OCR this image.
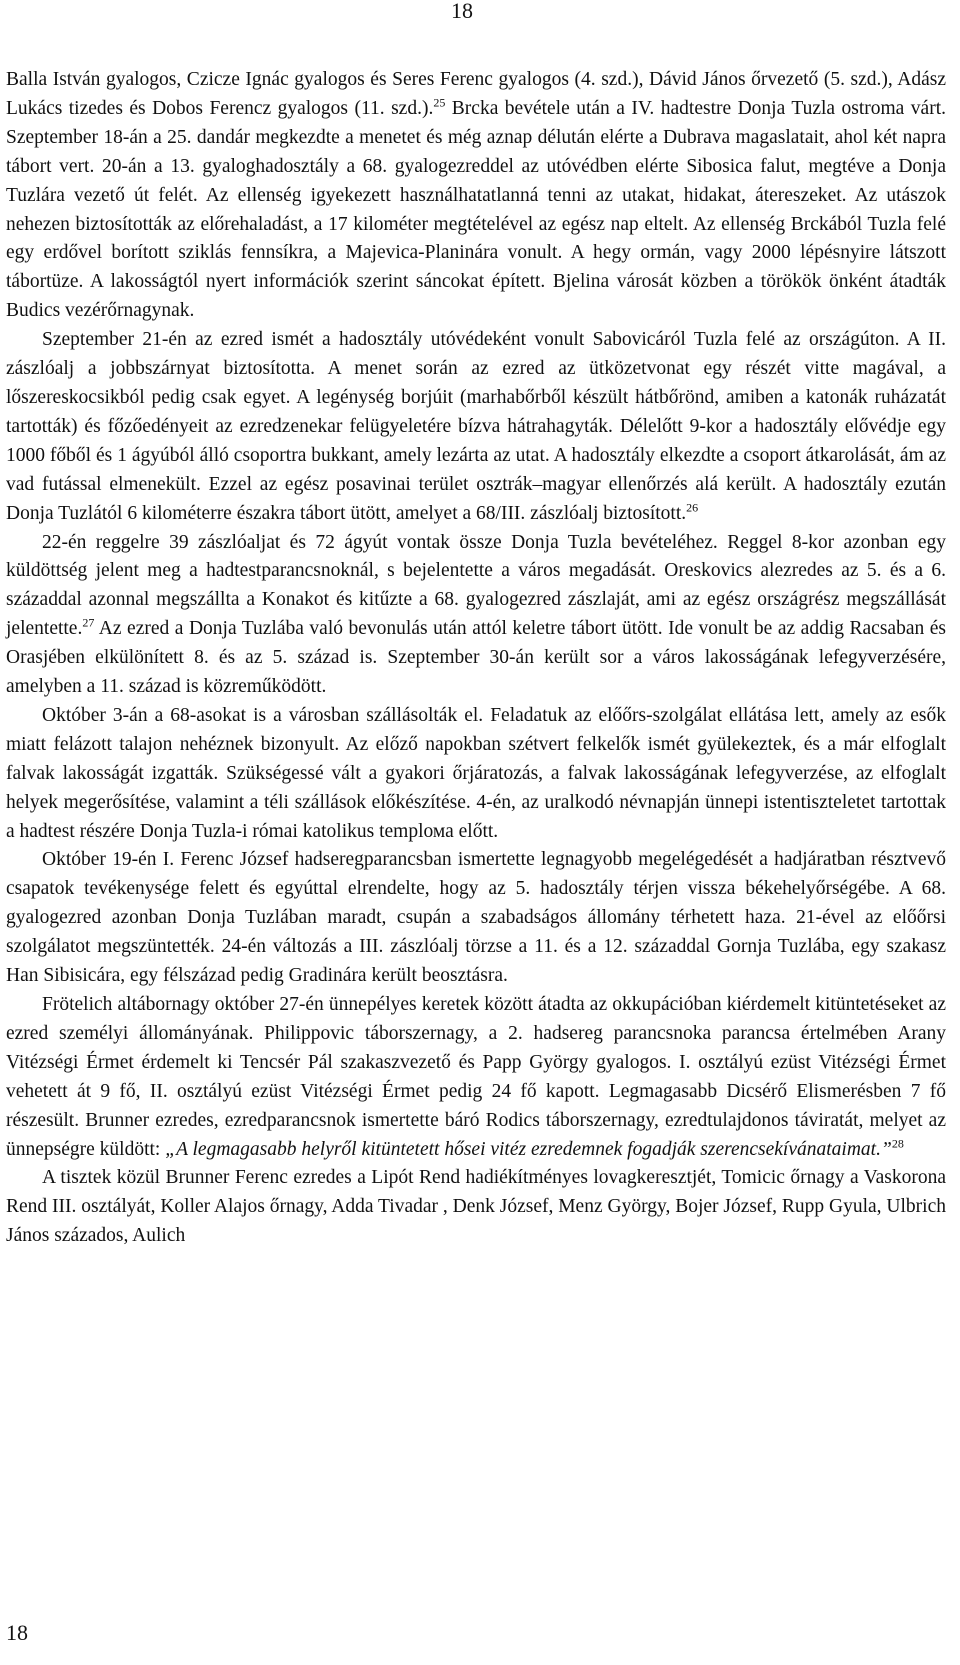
18

Balla István gyalogos, Czicze Ignác gyalogos és Seres Ferenc gyalogos (4. szd.), Dávid János őrvezető (5. szd.), Adász Lukács tizedes és Dobos Ferencz gyalogos (11. szd.).$^{25}$ Brcka bevétele után a IV. hadtestre Donja Tuzla ostroma várt. Szeptember 18-án a 25. dandár megkezdte a menetet és még aznap délután elérte a Dubrava magaslatait, ahol két napra tábort vert. 20-án a 13. gyaloghadosztály a 68. gyalogezreddel az utóvédben elérte Sibosica falut, megtéve a Donja Tuzlára vezető út felét. Az ellenség igyekezett használhatatlanná tenni az utakat, hidakat, átereszeket. Az utászok nehezen biztosították az előrehaladást, a 17 kilométer megtételével az egész nap eltelt. Az ellenség Brckából Tuzla felé egy erdővel borított sziklás fennsíkra, a Majevica-Planinára vonult. A hegy ormán, vagy 2000 lépésnyire látszott tábortüze. A lakosságtól nyert információk szerint sáncokat épített. Bjelina városát közben a törökök önként átadták Budics vezérőrnagynak.

Szeptember 21-én az ezred ismét a hadosztály utóvédeként vonult Sabovicáról Tuzla felé az országúton. A II. zászlóalj a jobbszárnyat biztosította. A menet során az ezred az ütközetvonat egy részét vitte magával, a lőszereskocsikból pedig csak egyet. A legénység borjúit (marhabőrből készült hátbőrönd, amiben a katonák ruházatát tartották) és főzőedényeit az ezredzenekar felügyeletére bízva hátrahagyták. Délelőtt 9-kor a hadosztály elővédje egy 1000 főből és 1 ágyúból álló csoportra bukkant, amely lezárta az utat. A hadosztály elkezdte a csoport átkarolását, ám az vad futással elmenekült. Ezzel az egész posavinai terület osztrák–magyar ellenőrzés alá került. A hadosztály ezután Donja Tuzlától 6 kilométerre északra tábort ütött, amelyet a 68/III. zászlóalj biztosított.$^{26}$

22-én reggelre 39 zászlóaljat és 72 ágyút vontak össze Donja Tuzla bevételéhez. Reggel 8-kor azonban egy küldöttség jelent meg a hadtestparancsnoknál, s bejelentette a város megadását. Oreskovics alezredes az 5. és a 6. századdal azonnal megszállta a Konakot és kitűzte a 68. gyalogezred zászlaját, ami az egész országrész megszállását jelentette.$^{27}$ Az ezred a Donja Tuzlába való bevonulás után attól keletre tábort ütött. Ide vonult be az addig Racsaban és Orasjében elkülönített 8. és az 5. század is. Szeptember 30-án került sor a város lakosságának lefegyverzésére, amelyben a 11. század is közreműködött.

Október 3-án a 68-asokat is a városban szállásolták el. Feladatuk az előőrs-szolgálat ellátása lett, amely az esők miatt felázott talajon nehéznek bizonyult. Az előző napokban szétvert felkelők ismét gyülekeztek, és a már elfoglalt falvak lakosságát izgatták. Szükségessé vált a gyakori őrjáratozás, a falvak lakosságának lefegyverzése, az elfoglalt helyek megerősítése, valamint a téli szállások előkészítése. 4-én, az uralkodó névnapján ünnepi istentiszteletet tartottak a hadtest részére Donja Tuzla-i római katolikus templома előtt.

Október 19-én I. Ferenc József hadseregparancsban ismertette legnagyobb megelégedését a hadjáratban résztvevő csapatok tevékenysége felett és egyúttal elrendelte, hogy az 5. hadosztály térjen vissza békehelyőrségébe. A 68. gyalogezred azonban Donja Tuzlában maradt, csupán a szabadságos állomány térhetett haza. 21-ével az előőrsi szolgálatot megszüntették. 24-én változás a III. zászlóalj törzse a 11. és a 12. századdal Gornja Tuzlába, egy szakasz Han Sibisicára, egy félszázad pedig Gradinára került beosztásra.

Frötelich altábornagy október 27-én ünnepélyes keretek között átadta az okkupációban kiérdemelt kitüntetéseket az ezred személyi állományának. Philippovic táborszernagy, a 2. hadsereg parancsnoka parancsa értelmében Arany Vitézségi Érmet érdemelt ki Tencsér Pál szakaszvezető és Papp György gyalogos. I. osztályú ezüst Vitézségi Érmet vehetett át 9 fő, II. osztályú ezüst Vitézségi Érmet pedig 24 fő kapott. Legmagasabb Dicsérő Elismerésben 7 fő részesült. Brunner ezredes, ezredparancsnok ismertette báró Rodics táborszernagy, ezredtulajdonos táviratát, melyet az ünnepségre küldött: „A legmagasabb helyről kitüntetett hősei vitéz ezredemnek fogadják szerencsekívánataimat.”$^{28}$

A tisztek közül Brunner Ferenc ezredes a Lipót Rend hadiékítményes lovagkeresztjét, Tomicic őrnagy a Vaskorona Rend III. osztályát, Koller Alajos őrnagy, Adda Tivadar , Denk József, Menz György, Bojer József, Rupp Gyula, Ulbrich János százados, Aulich

18
